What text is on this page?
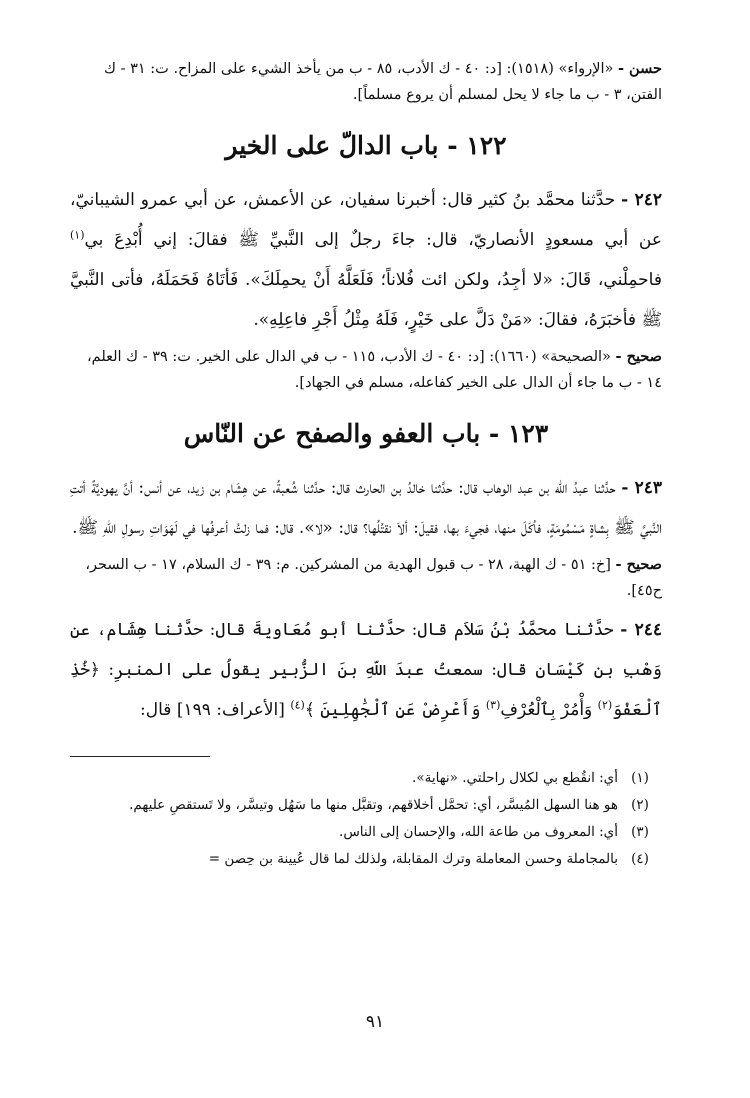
حسن - «الإرواء» (١٥١٨): [د: ٤٠ - ك الأدب، ٨٥ - ب من يأخذ الشيء على المزاح. ت: ٣١ - ك الفتن، ٣ - ب ما جاء لا يحل لمسلم أن يروع مسلماً].

١٢٢ - باب الدالّ على الخير

٢٤٢ - حدَّثنا محمَّد بنُ كثير قال: أخبرنا سفيان، عن الأعمش، عن أبي عمرو الشيبانيّ، عن أبي مسعودٍ الأنصاريّ، قال: جاءَ رجلٌ إلى النَّبيِّ ﷺ فقالَ: إني أُبْدِعَ بي$^{(١)}$ فاحمِلْني، قَالَ: «لا أجِدُ، ولكن ائت فُلاناً؛ فَلَعَلَّهُ أَنْ يحمِلَكَ». فَأتَاهُ فَحَمَلَهُ، فأتى النَّبيَّ ﷺ فأخبَرَهُ، فقالَ: «مَنْ دَلَّ على خَيْرٍ، فَلَهُ مِثْلُ أَجْرِ فاعِلِهِ».

صحيح - «الصحيحة» (١٦٦٠): [د: ٤٠ - ك الأدب، ١١٥ - ب في الدال على الخير. ت: ٣٩ - ك العلم، ١٤ - ب ما جاء أن الدال على الخير كفاعله، مسلم في الجهاد].

١٢٣ - باب العفو والصفح عن النّاس

٢٤٣ - حدَّثنا عبدُ الله بن عبد الوهاب قال: حدَّثنا خالدُ بن الحارث قال: حدَّثنا شُعبةُ، عن هِشَام بن زيد، عن أنس: أنَّ يهوديَّةً أتتِ النَّبيَّ ﷺ بِشاةٍ مَسْمُومَةٍ، فأكَلَ منها، فجيءَ بها، فقيلَ: ألاَ نقتُلُها؟ قال: «لا». قال: فما زلتُ أعرفُها في لَهَوَاتِ رسولِ اللّهِ ﷺ.

صحيح - [خ: ٥١ - ك الهبة، ٢٨ - ب قبول الهدية من المشركين. م: ٣٩ - ك السلام، ١٧ - ب السحر، ح٤٥].

٢٤٤ - حدَّثنا محمَّدُ بْنُ سَلاَم قال: حدَّثنا أبو مُعَاويةَ قال: حدَّثنا هِشَام، عن وَهْبِ بن كَيْسَان قال: سمعتُ عبدَ اللّهِ بنَ الزُّبير يقولُ على المنبرِ: ﴿خُذِ ٱلْعَفْوَ$^{(٢)}$ وَأْمُرْ بِٱلْعُرْفِ$^{(٣)}$ وَأَعْرِضْ عَنِ ٱلْجَٰهِلِينَ ﴾$^{(٤)}$ [الأعراف: ١٩٩] قال:

(١)
أي: انقُطع بي لكلال راحلتي. «نهاية».
(٢)
هو هنا السهل المُيسَّر، أي: تحمَّل أخلاقهم، وتقبَّل منها ما سَهُل وتيسَّر، ولا تَستقصِ عليهم.
(٣)
أي: المعروف من طاعة الله، والإحسان إلى الناس.
(٤)
بالمجاملة وحسن المعاملة وترك المقابلة، ولذلك لما قال عُيينة بن حِصن =
٩١
